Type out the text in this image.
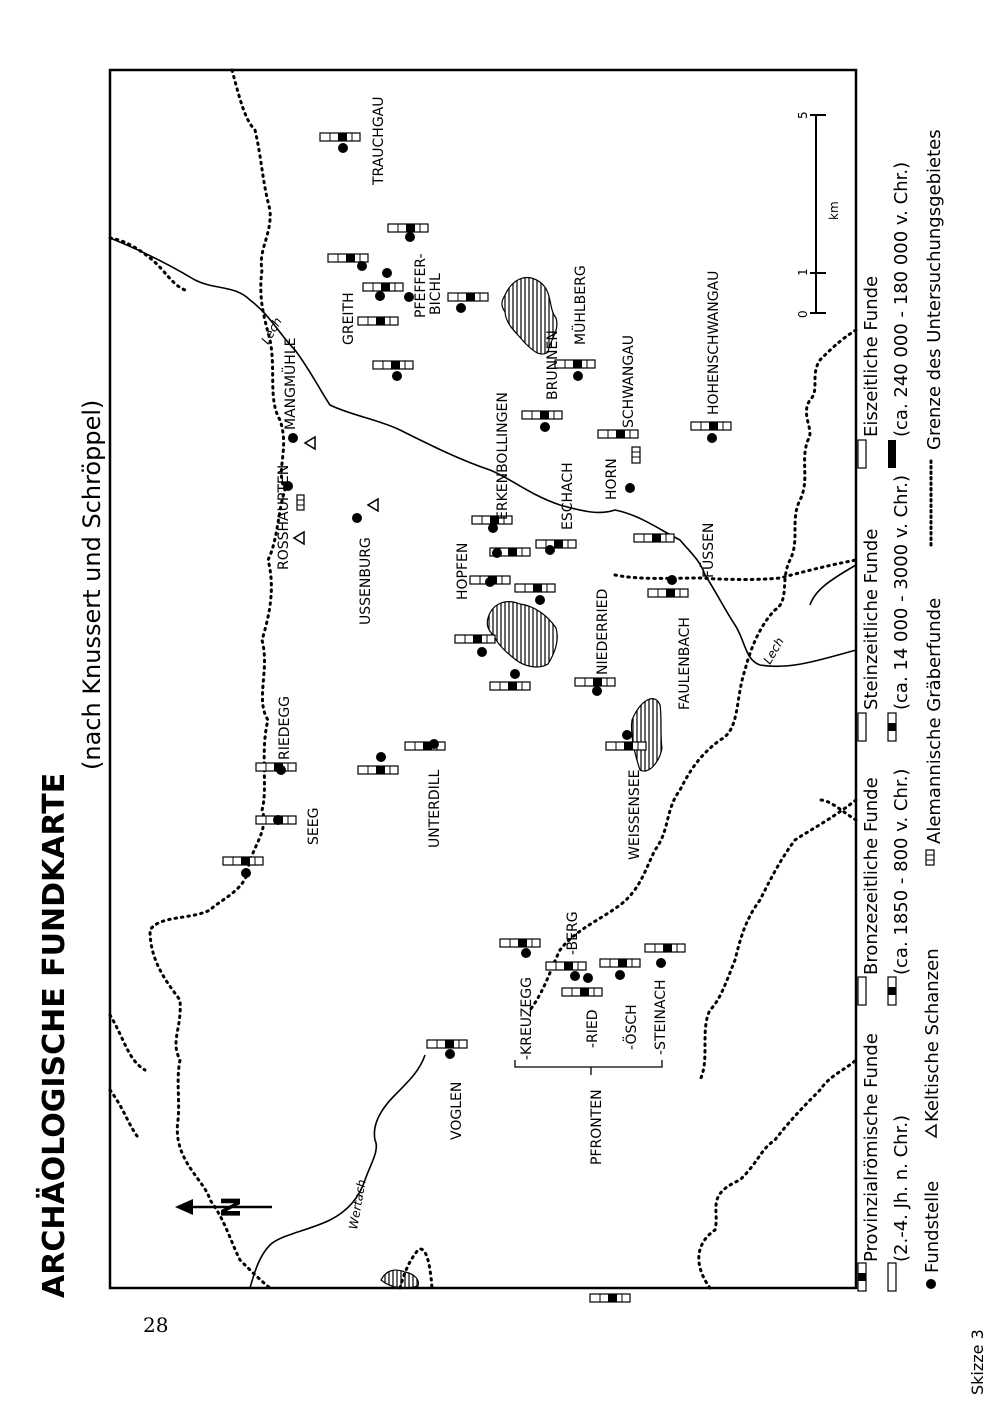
ARCHÄOLOGISCHE FUNDKARTE
(nach Knussert und Schröppel)
Lech
Lech
Wertach
TRAUCHGAU
PFEFFER- BICHL
GREITH	MÜHLBERG
MANGMÜHLE	BRUNNEN	SCHWANGAU	HOHENSCHWANGAU
ERKENBOLLINGEN	HORN
ESCHACH
ROSSHAUPTEN
USSENBURG	HOPFEN	FÜSSEN
NIEDERRIED	FAULENBACH
RIEDEGG
UNTERDILL
SEEG	WEISSENSEE
-BERG
-KREUZEGG	-RIED -ÖSCH -STEINACH
PFRONTEN
VOGLEN
N
0
1
5
km
Provinzialrömische Funde (2.-4. Jh. n. Chr.) Fundstelle
Bronzezeitliche Funde (ca. 1850 - 800 v. Chr.)
Keltische Schanzen
Steinzeitliche Funde (ca. 14 000 - 3000 v. Chr.)
Alemannische Gräberfunde
Eiszeitliche Funde (ca. 240 000 - 180 000 v. Chr.) Grenze des Untersuchungsgebietes
Skizze 3
28
